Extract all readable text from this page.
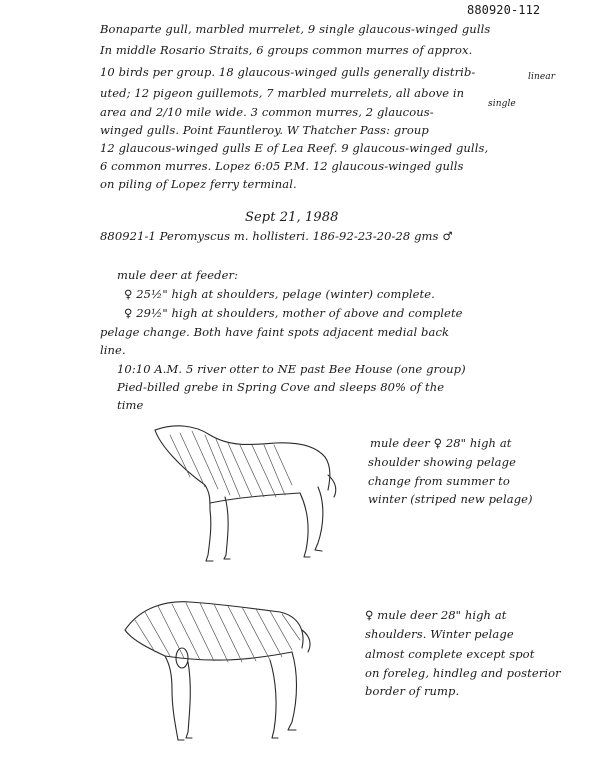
880920-112
Bonaparte gull, marbled murrelet, 9 single glaucous-winged gulls
In middle Rosario Straits, 6 groups common murres of approx.
10 birds per group. 18 glaucous-winged gulls generally distrib-
uted; 12 pigeon guillemots, 7 marbled murrelets, all above in
linear
area and 2/10 mile wide. 3 common murres, 2 glaucous-
single
winged gulls. Point Fauntleroy. W Thatcher Pass: group
12 glaucous-winged gulls E of Lea Reef. 9 glaucous-winged gulls,
6 common murres. Lopez 6:05 P.M. 12 glaucous-winged gulls
on piling of Lopez ferry terminal.
Sept 21, 1988
880921-1 Peromyscus m. hollisteri. 186-92-23-20-28 gms ♂
mule deer at feeder:
♀ 25½" high at shoulders, pelage (winter) complete.
♀ 29½" high at shoulders, mother of above and complete
pelage change. Both have faint spots adjacent medial back
line.
10:10 A.M. 5 river otter to NE past Bee House (one group)
Pied-billed grebe in Spring Cove and sleeps 80% of the
time
mule deer ♀ 28" high at
shoulder showing pelage
change from summer to
winter (striped new pelage)
♀ mule deer 28" high at
shoulders. Winter pelage
almost complete except spot
on foreleg, hindleg and posterior
border of rump.
